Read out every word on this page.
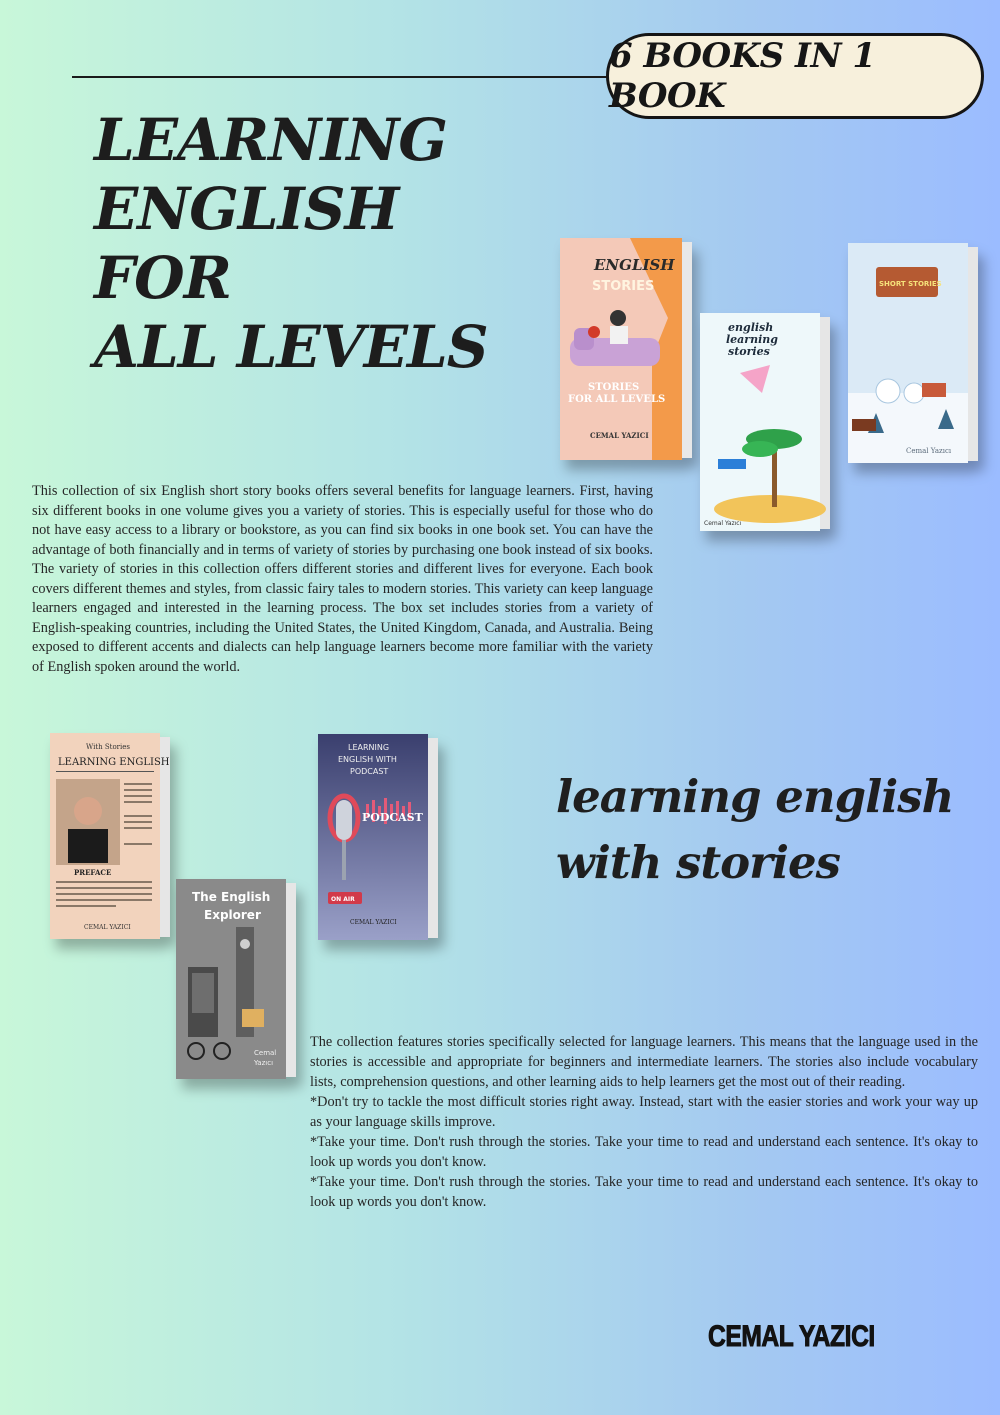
6 BOOKS IN 1 BOOK
LEARNING
ENGLISH FOR
ALL LEVELS
ENGLISH
STORIES
STORIES
FOR ALL LEVELS
CEMAL YAZICI
english
learning
stories
Cemal Yazıcı
SHORT STORIES
Cemal Yazıcı

This collection of six English short story books offers several benefits for language learners. First, having six different books in one volume gives you a variety of stories. This is especially useful for those who do not have easy access to a library or bookstore, as you can find six books in one book set. You can have the advantage of both financially and in terms of variety of stories by purchasing one book instead of six books. The variety of stories in this collection offers different stories and different lives for everyone. Each book covers different themes and styles, from classic fairy tales to modern stories. This variety can keep language learners engaged and interested in the learning process. The box set includes stories from a variety of English-speaking countries, including the United States, the United Kingdom, Canada, and Australia. Being exposed to different accents and dialects can help language learners become more familiar with the variety of English spoken around the world.

With Stories
LEARNING ENGLISH
PREFACE
CEMAL YAZICI
LEARNING
ENGLISH WITH
PODCAST
PODCAST
ON AIR
CEMAL YAZICI
The English
Explorer
Cemal
Yazıcı
learning english
with stories

The collection features stories specifically selected for language learners. This means that the language used in the stories is accessible and appropriate for beginners and intermediate learners. The stories also include vocabulary lists, comprehension questions, and other learning aids to help learners get the most out of their reading.

*Don't try to tackle the most difficult stories right away. Instead, start with the easier stories and work your way up as your language skills improve.

*Take your time. Don't rush through the stories. Take your time to read and understand each sentence. It's okay to look up words you don't know.

*Take your time. Don't rush through the stories. Take your time to read and understand each sentence. It's okay to look up words you don't know.

CEMAL YAZICI
